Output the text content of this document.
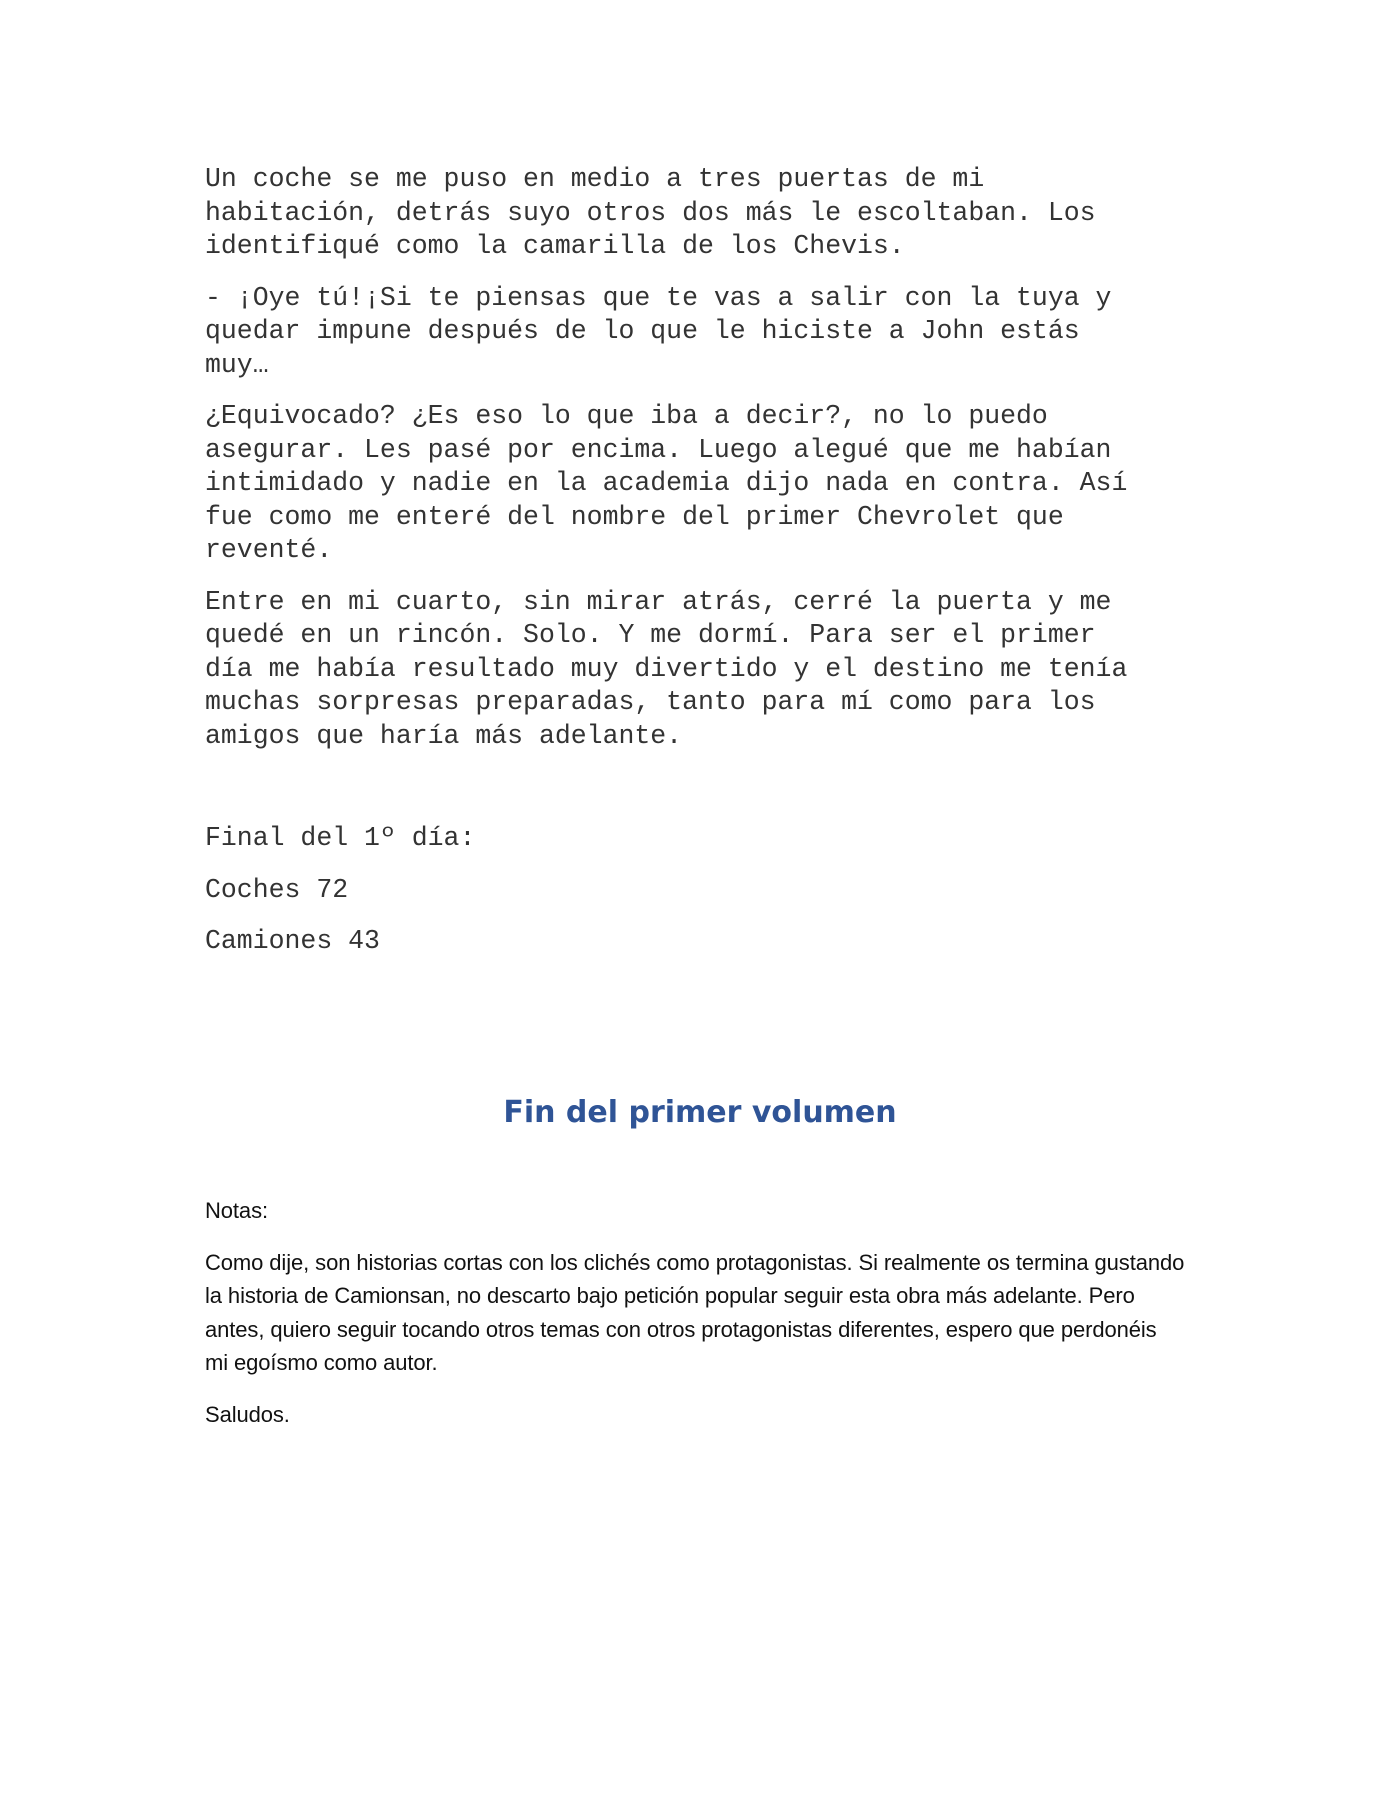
Un coche se me puso en medio a tres puertas de mi
habitación, detrás suyo otros dos más le escoltaban. Los
identifiqué como la camarilla de los Chevis.

- ¡Oye tú!¡Si te piensas que te vas a salir con la tuya y
quedar impune después de lo que le hiciste a John estás
muy…

¿Equivocado? ¿Es eso lo que iba a decir?, no lo puedo
asegurar. Les pasé por encima. Luego alegué que me habían
intimidado y nadie en la academia dijo nada en contra. Así
fue como me enteré del nombre del primer Chevrolet que
reventé.

Entre en mi cuarto, sin mirar atrás, cerré la puerta y me
quedé en un rincón. Solo. Y me dormí. Para ser el primer
día me había resultado muy divertido y el destino me tenía
muchas sorpresas preparadas, tanto para mí como para los
amigos que haría más adelante.

Final del 1º día:

Coches 72

Camiones 43

Fin del primer volumen

Notas:

Como dije, son historias cortas con los clichés como protagonistas. Si realmente os termina gustando la historia de Camionsan, no descarto bajo petición popular seguir esta obra más adelante. Pero antes, quiero seguir tocando otros temas con otros protagonistas diferentes, espero que perdonéis mi egoísmo como autor.

Saludos.
